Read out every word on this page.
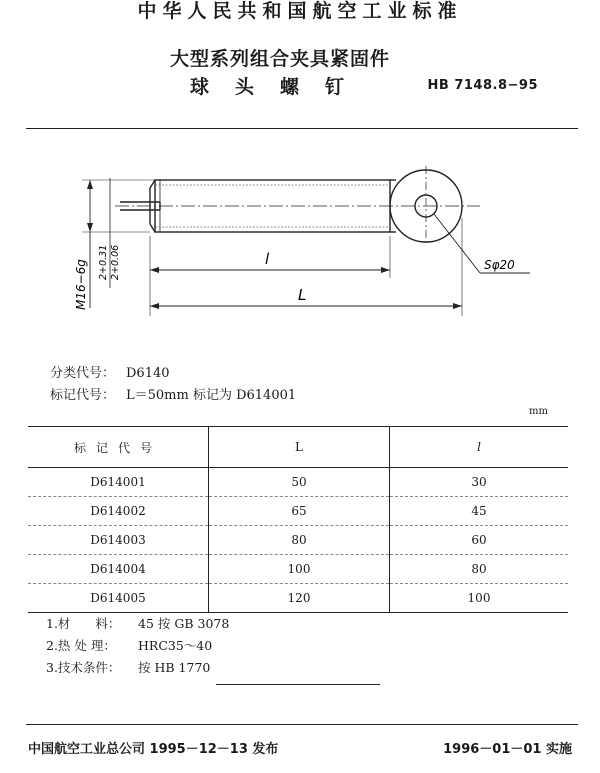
中华人民共和国航空工业标准
大型系列组合夹具紧固件
球头螺钉	HB 7148.8−95
M16−6g 2+0.31 2+0.06	l
L
Sφ20
分类代号： D6140
标记代号： L＝50mm 标记为 D614001
mm
标记代号	L	l
D614001	50	30
D614002	65	45
D614003	80	60
D614004	100	80
D614005	120	100
1.材　　料： 45 按 GB 3078
2.热 处 理： HRC35～40
3.技术条件： 按 HB 1770
中国航空工业总公司 1995－12－13 发布	1996－01－01 实施
